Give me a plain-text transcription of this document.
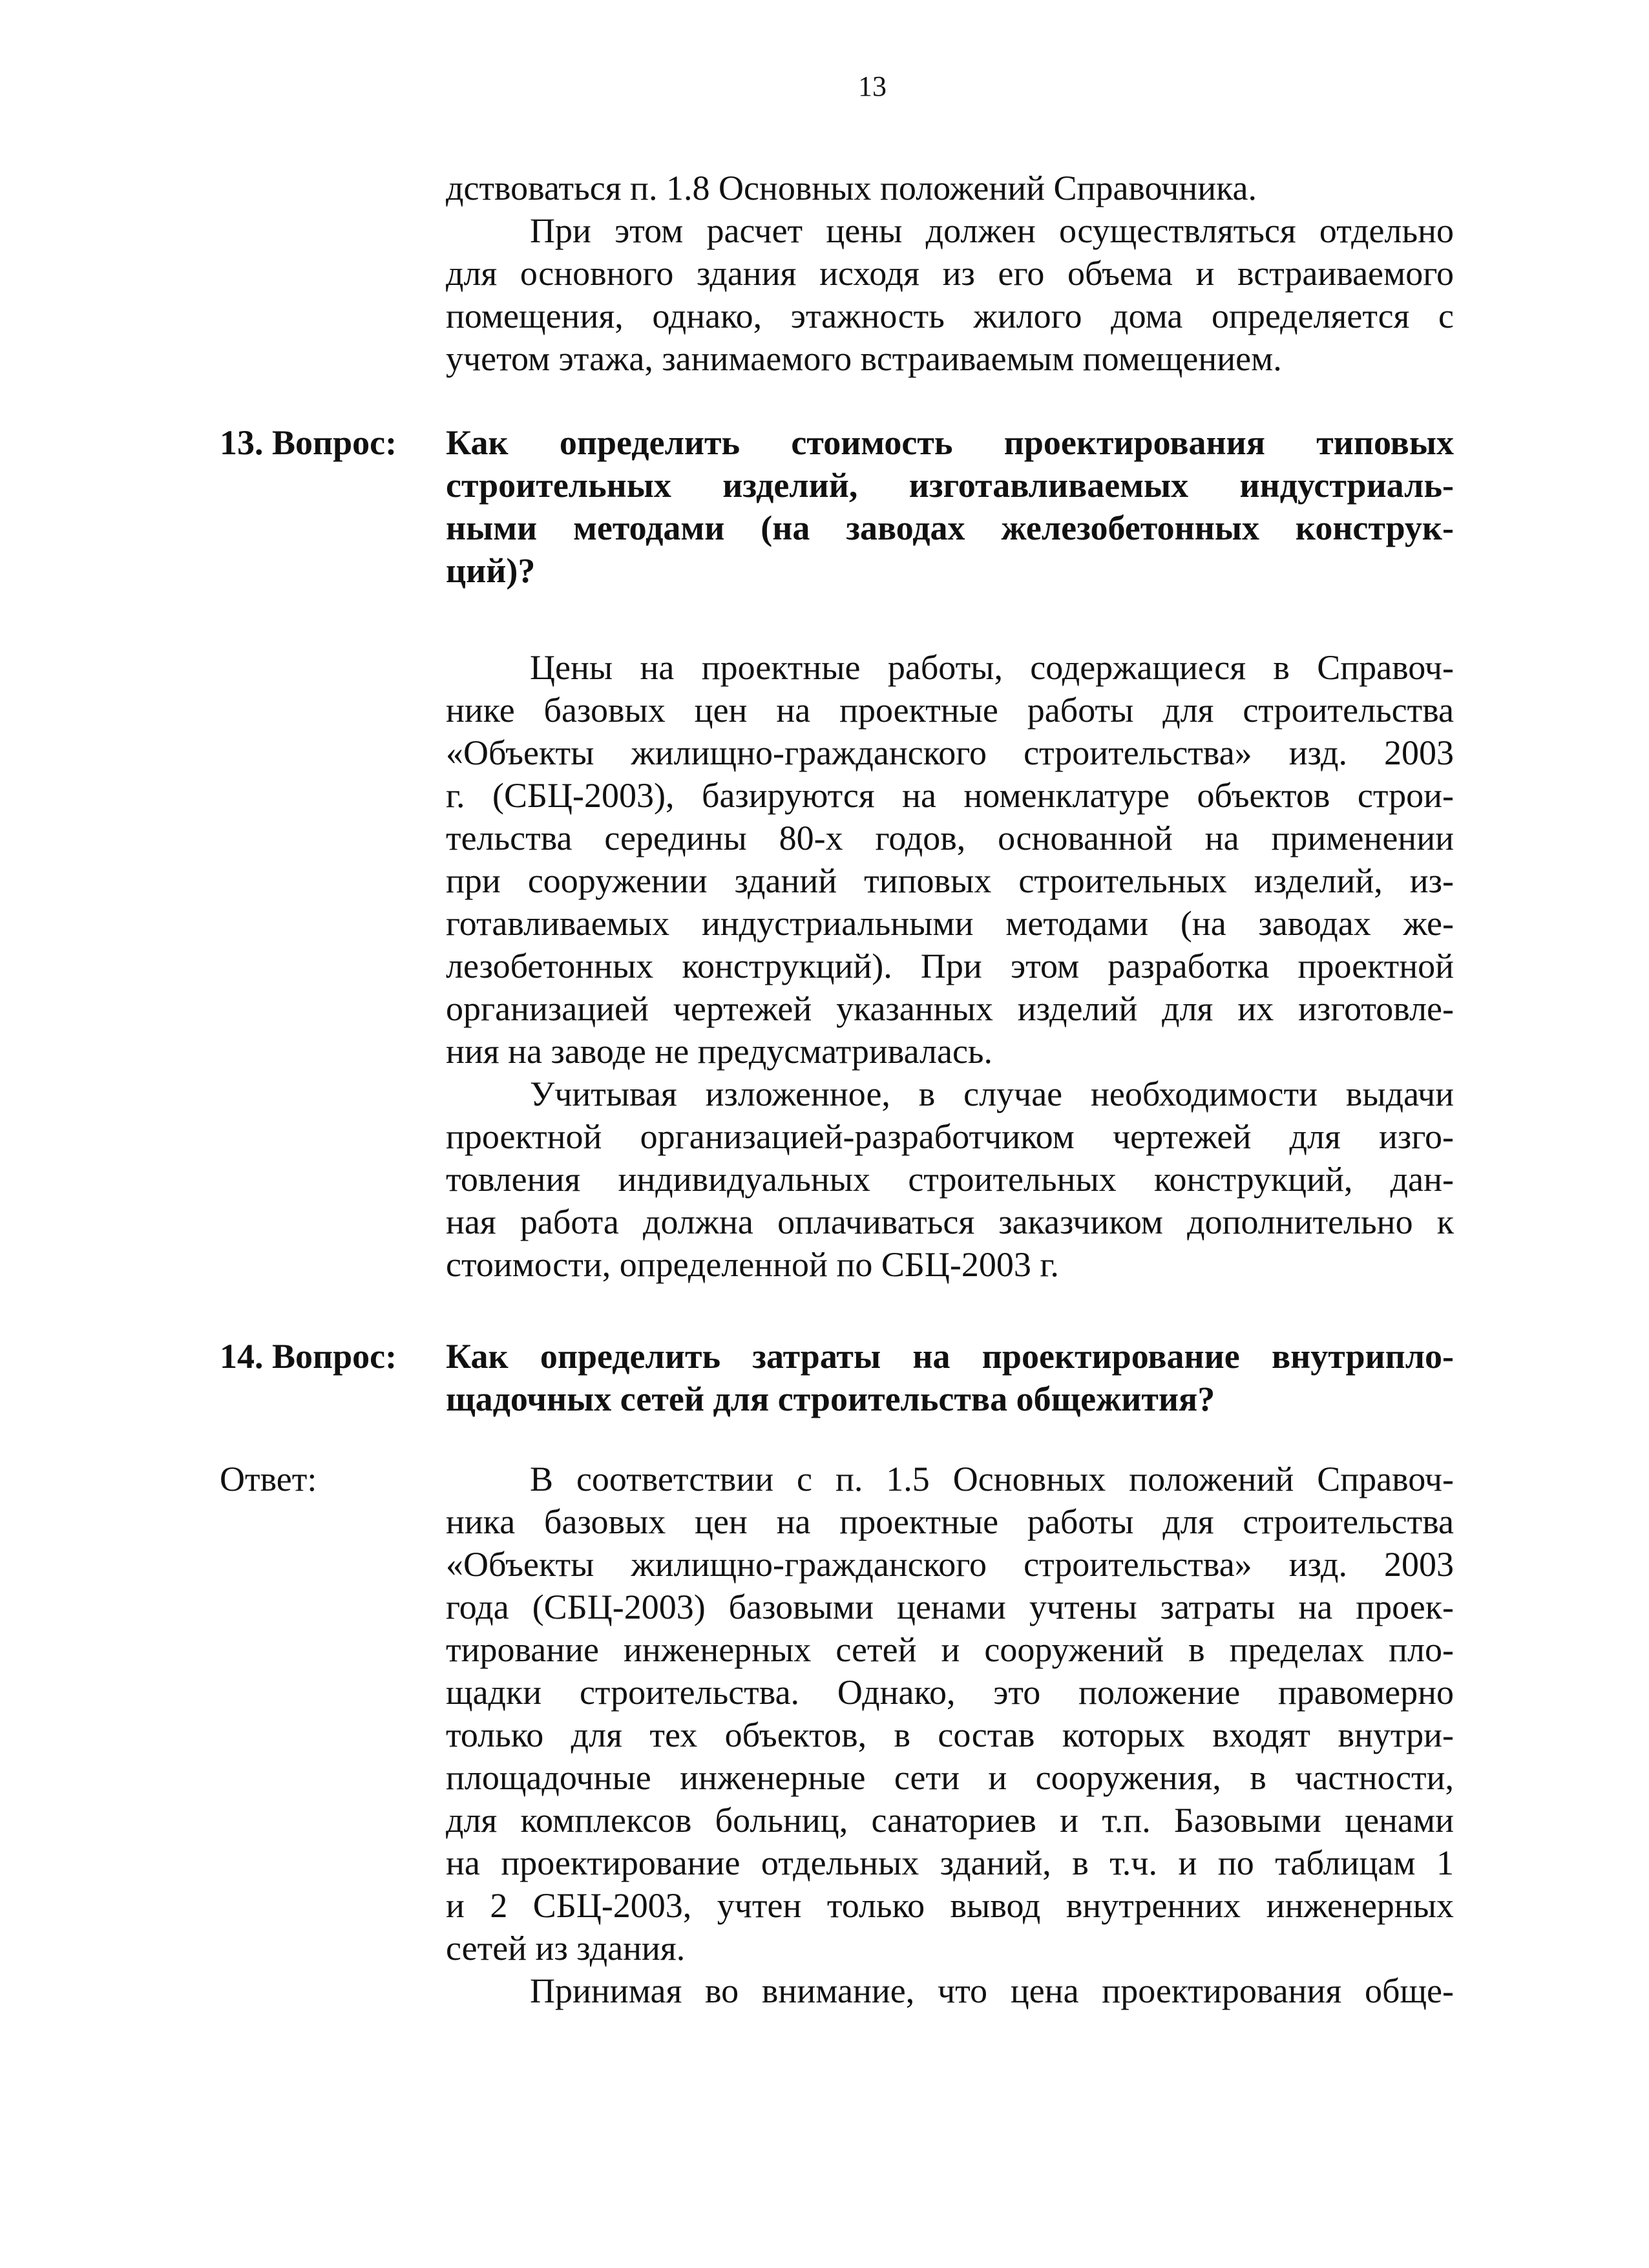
13
дствоваться п. 1.8 Основных положений Справочника.
При этом расчет цены должен осуществляться отдельно
для основного здания исходя из его объема и встраиваемого
помещения, однако, этажность жилого дома определяется с
учетом этажа, занимаемого встраиваемым помещением.
13. Вопрос: Как определить стоимость проектирования типовых
строительных изделий, изготавливаемых индустриаль-
ными методами (на заводах железобетонных конструк-
ций)?
Цены на проектные работы, содержащиеся в Справоч-
нике базовых цен на проектные работы для строительства
«Объекты жилищно-гражданского строительства» изд. 2003
г. (СБЦ-2003), базируются на номенклатуре объектов строи-
тельства середины 80-х годов, основанной на применении
при сооружении зданий типовых строительных изделий, из-
готавливаемых индустриальными методами (на заводах же-
лезобетонных конструкций). При этом разработка проектной
организацией чертежей указанных изделий для их изготовле-
ния на заводе не предусматривалась.
Учитывая изложенное, в случае необходимости выдачи
проектной организацией-разработчиком чертежей для изго-
товления индивидуальных строительных конструкций, дан-
ная работа должна оплачиваться заказчиком дополнительно к
стоимости, определенной по СБЦ-2003 г.
14. Вопрос: Как определить затраты на проектирование внутрипло-
щадочных сетей для строительства общежития?
Ответ:	В соответствии с п. 1.5 Основных положений Справоч-
ника базовых цен на проектные работы для строительства
«Объекты жилищно-гражданского строительства» изд. 2003
года (СБЦ-2003) базовыми ценами учтены затраты на проек-
тирование инженерных сетей и сооружений в пределах пло-
щадки строительства. Однако, это положение правомерно
только для тех объектов, в состав которых входят внутри-
площадочные инженерные сети и сооружения, в частности,
для комплексов больниц, санаториев и т.п. Базовыми ценами
на проектирование отдельных зданий, в т.ч. и по таблицам 1
и 2 СБЦ-2003, учтен только вывод внутренних инженерных
сетей из здания.
Принимая во внимание, что цена проектирования обще-
